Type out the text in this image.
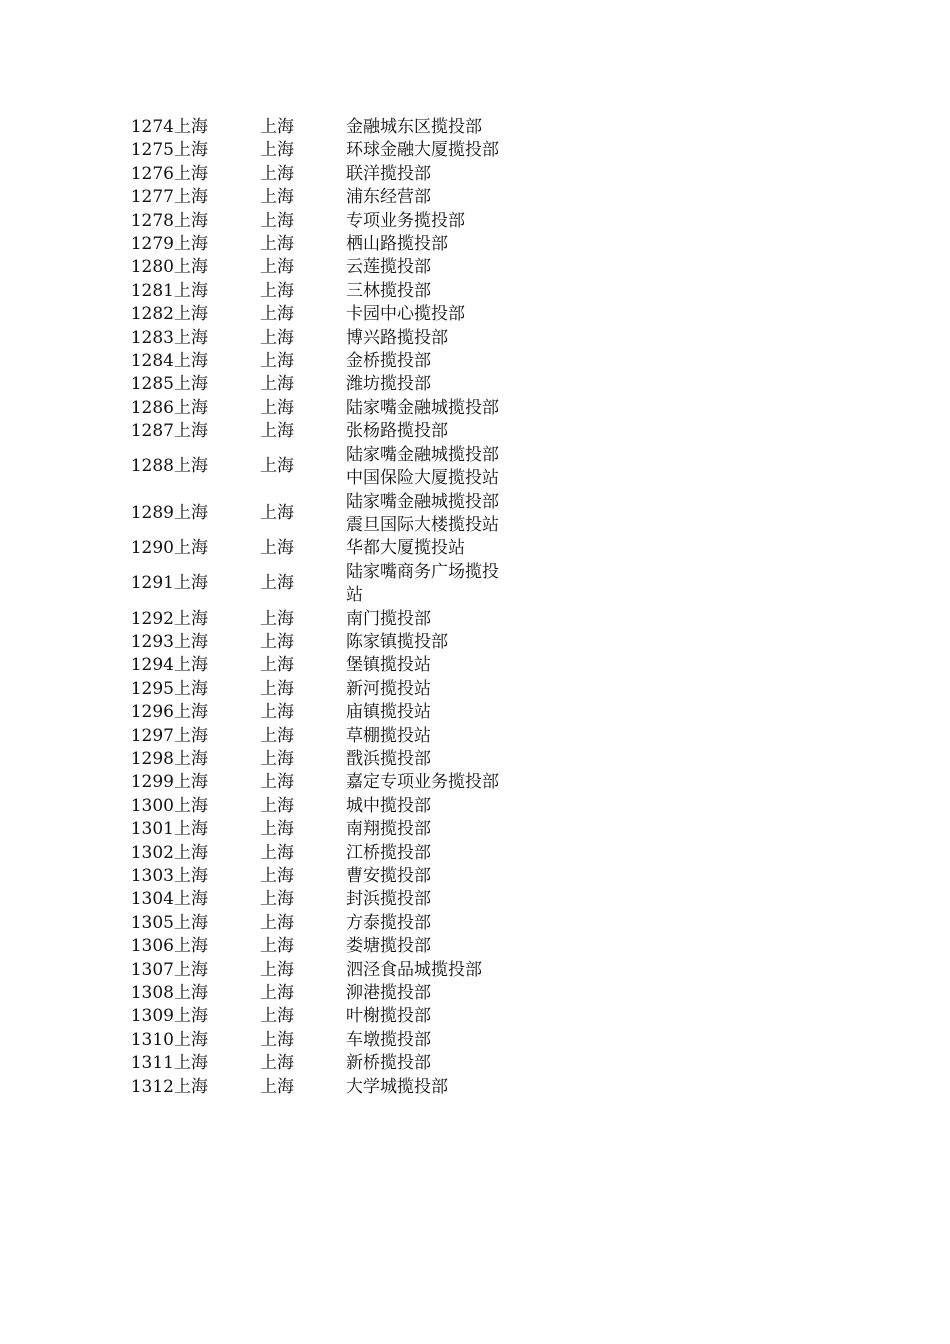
1274	上海	上海	金融城东区揽投部
1275	上海	上海	环球金融大厦揽投部
1276	上海	上海	联洋揽投部
1277	上海	上海	浦东经营部
1278	上海	上海	专项业务揽投部
1279	上海	上海	栖山路揽投部
1280	上海	上海	云莲揽投部
1281	上海	上海	三林揽投部
1282	上海	上海	卡园中心揽投部
1283	上海	上海	博兴路揽投部
1284	上海	上海	金桥揽投部
1285	上海	上海	潍坊揽投部
1286	上海	上海	陆家嘴金融城揽投部
1287	上海	上海	张杨路揽投部
1288	上海	上海	陆家嘴金融城揽投部中国保险大厦揽投站
1289	上海	上海	陆家嘴金融城揽投部震旦国际大楼揽投站
1290	上海	上海	华都大厦揽投站
1291	上海	上海	陆家嘴商务广场揽投站
1292	上海	上海	南门揽投部
1293	上海	上海	陈家镇揽投部
1294	上海	上海	堡镇揽投站
1295	上海	上海	新河揽投站
1296	上海	上海	庙镇揽投站
1297	上海	上海	草棚揽投站
1298	上海	上海	戬浜揽投部
1299	上海	上海	嘉定专项业务揽投部
1300	上海	上海	城中揽投部
1301	上海	上海	南翔揽投部
1302	上海	上海	江桥揽投部
1303	上海	上海	曹安揽投部
1304	上海	上海	封浜揽投部
1305	上海	上海	方泰揽投部
1306	上海	上海	娄塘揽投部
1307	上海	上海	泗泾食品城揽投部
1308	上海	上海	泖港揽投部
1309	上海	上海	叶榭揽投部
1310	上海	上海	车墩揽投部
1311	上海	上海	新桥揽投部
1312	上海	上海	大学城揽投部
